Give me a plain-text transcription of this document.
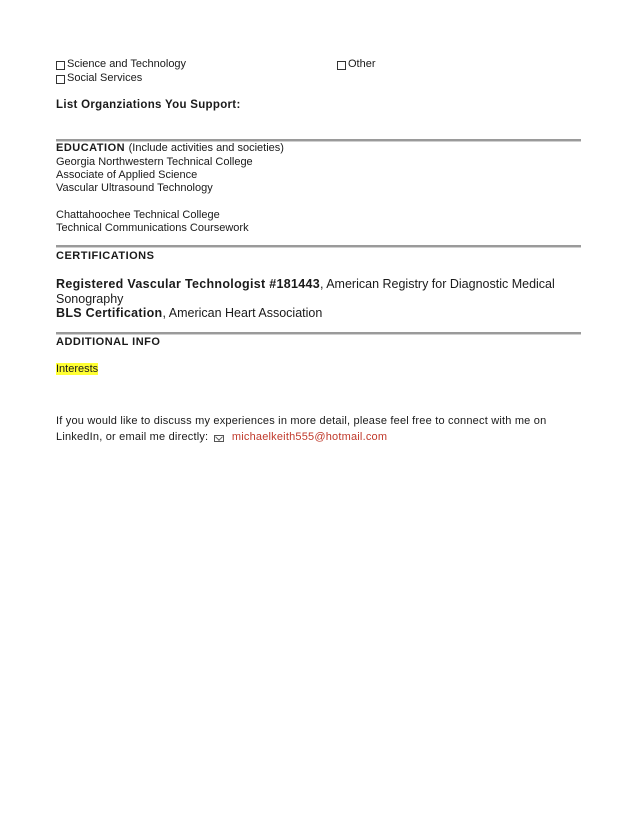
Science and Technology	Other
Social Services
List Organziations You Support:
EDUCATION (Include activities and societies)
Georgia Northwestern Technical College
Associate of Applied Science
Vascular Ultrasound Technology
Chattahoochee Technical College
Technical Communications Coursework
CERTIFICATIONS
Registered Vascular Technologist #181443, American Registry for Diagnostic Medical
Sonography
BLS Certification, American Heart Association
ADDITIONAL INFO
Interests
If you would like to discuss my experiences in more detail, please feel free to connect with me on
LinkedIn, or email me directly: michaelkeith555@hotmail.com
